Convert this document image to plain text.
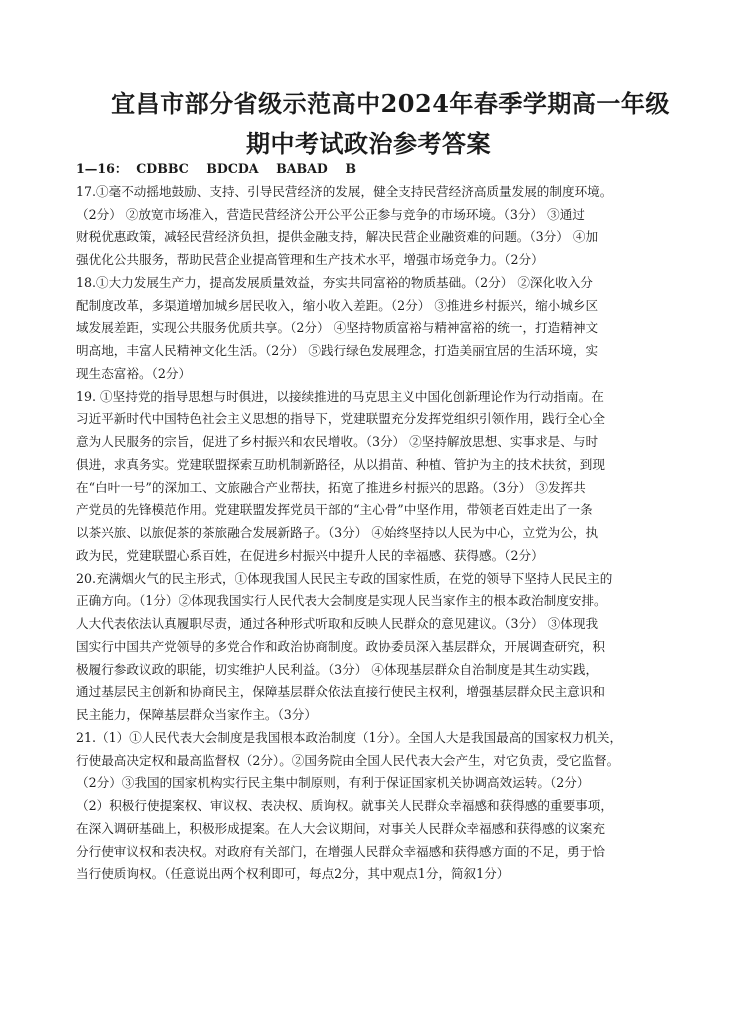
宜昌市部分省级示范高中2024年春季学期高一年级
期中考试政治参考答案
1—16：  CDBBC    BDCDA    BABAD    B
17.①毫不动摇地鼓励、支持、引导民营经济的发展，健全支持民营经济高质量发展的制度环境。
（2分） ②放宽市场准入，营造民营经济公开公平公正参与竞争的市场环境。（3分） ③通过
财税优惠政策，减轻民营经济负担，提供金融支持，解决民营企业融资难的问题。（3分） ④加
强优化公共服务，帮助民营企业提高管理和生产技术水平，增强市场竞争力。（2分）
18.①大力发展生产力，提高发展质量效益，夯实共同富裕的物质基础。（2分） ②深化收入分
配制度改革，多渠道增加城乡居民收入，缩小收入差距。（2分） ③推进乡村振兴，缩小城乡区
域发展差距，实现公共服务优质共享。（2分） ④坚持物质富裕与精神富裕的统一，打造精神文
明高地，丰富人民精神文化生活。（2分） ⑤践行绿色发展理念，打造美丽宜居的生活环境，实
现生态富裕。（2分）
19. ①坚持党的指导思想与时俱进，以接续推进的马克思主义中国化创新理论作为行动指南。在
习近平新时代中国特色社会主义思想的指导下，党建联盟充分发挥党组织引领作用，践行全心全
意为人民服务的宗旨，促进了乡村振兴和农民增收。（3分） ②坚持解放思想、实事求是、与时
俱进，求真务实。党建联盟探索互助机制新路径，从以捐苗、种植、管护为主的技术扶贫，到现
在“白叶一号”的深加工、文旅融合产业帮扶，拓宽了推进乡村振兴的思路。（3分） ③发挥共
产党员的先锋模范作用。党建联盟发挥党员干部的“主心骨”中坚作用，带领老百姓走出了一条
以茶兴旅、以旅促茶的茶旅融合发展新路子。（3分） ④始终坚持以人民为中心，立党为公，执
政为民，党建联盟心系百姓，在促进乡村振兴中提升人民的幸福感、获得感。（2分）
20.充满烟火气的民主形式，①体现我国人民民主专政的国家性质，在党的领导下坚持人民民主的
正确方向。（1分）②体现我国实行人民代表大会制度是实现人民当家作主的根本政治制度安排。
人大代表依法认真履职尽责，通过各种形式听取和反映人民群众的意见建议。（3分） ③体现我
国实行中国共产党领导的多党合作和政治协商制度。政协委员深入基层群众，开展调查研究，积
极履行参政议政的职能，切实维护人民利益。（3分） ④体现基层群众自治制度是其生动实践，
通过基层民主创新和协商民主，保障基层群众依法直接行使民主权利，增强基层群众民主意识和
民主能力，保障基层群众当家作主。（3分）
21.（1）①人民代表大会制度是我国根本政治制度（1分）。全国人大是我国最高的国家权力机关，
行使最高决定权和最高监督权（2分）。②国务院由全国人民代表大会产生，对它负责，受它监督。
（2分）③我国的国家机构实行民主集中制原则，有利于保证国家机关协调高效运转。（2分）
（2）积极行使提案权、审议权、表决权、质询权。就事关人民群众幸福感和获得感的重要事项，
在深入调研基础上，积极形成提案。在人大会议期间，对事关人民群众幸福感和获得感的议案充
分行使审议权和表决权。对政府有关部门，在增强人民群众幸福感和获得感方面的不足，勇于恰
当行使质询权。（任意说出两个权利即可，每点2分，其中观点1分，简叙1分）
